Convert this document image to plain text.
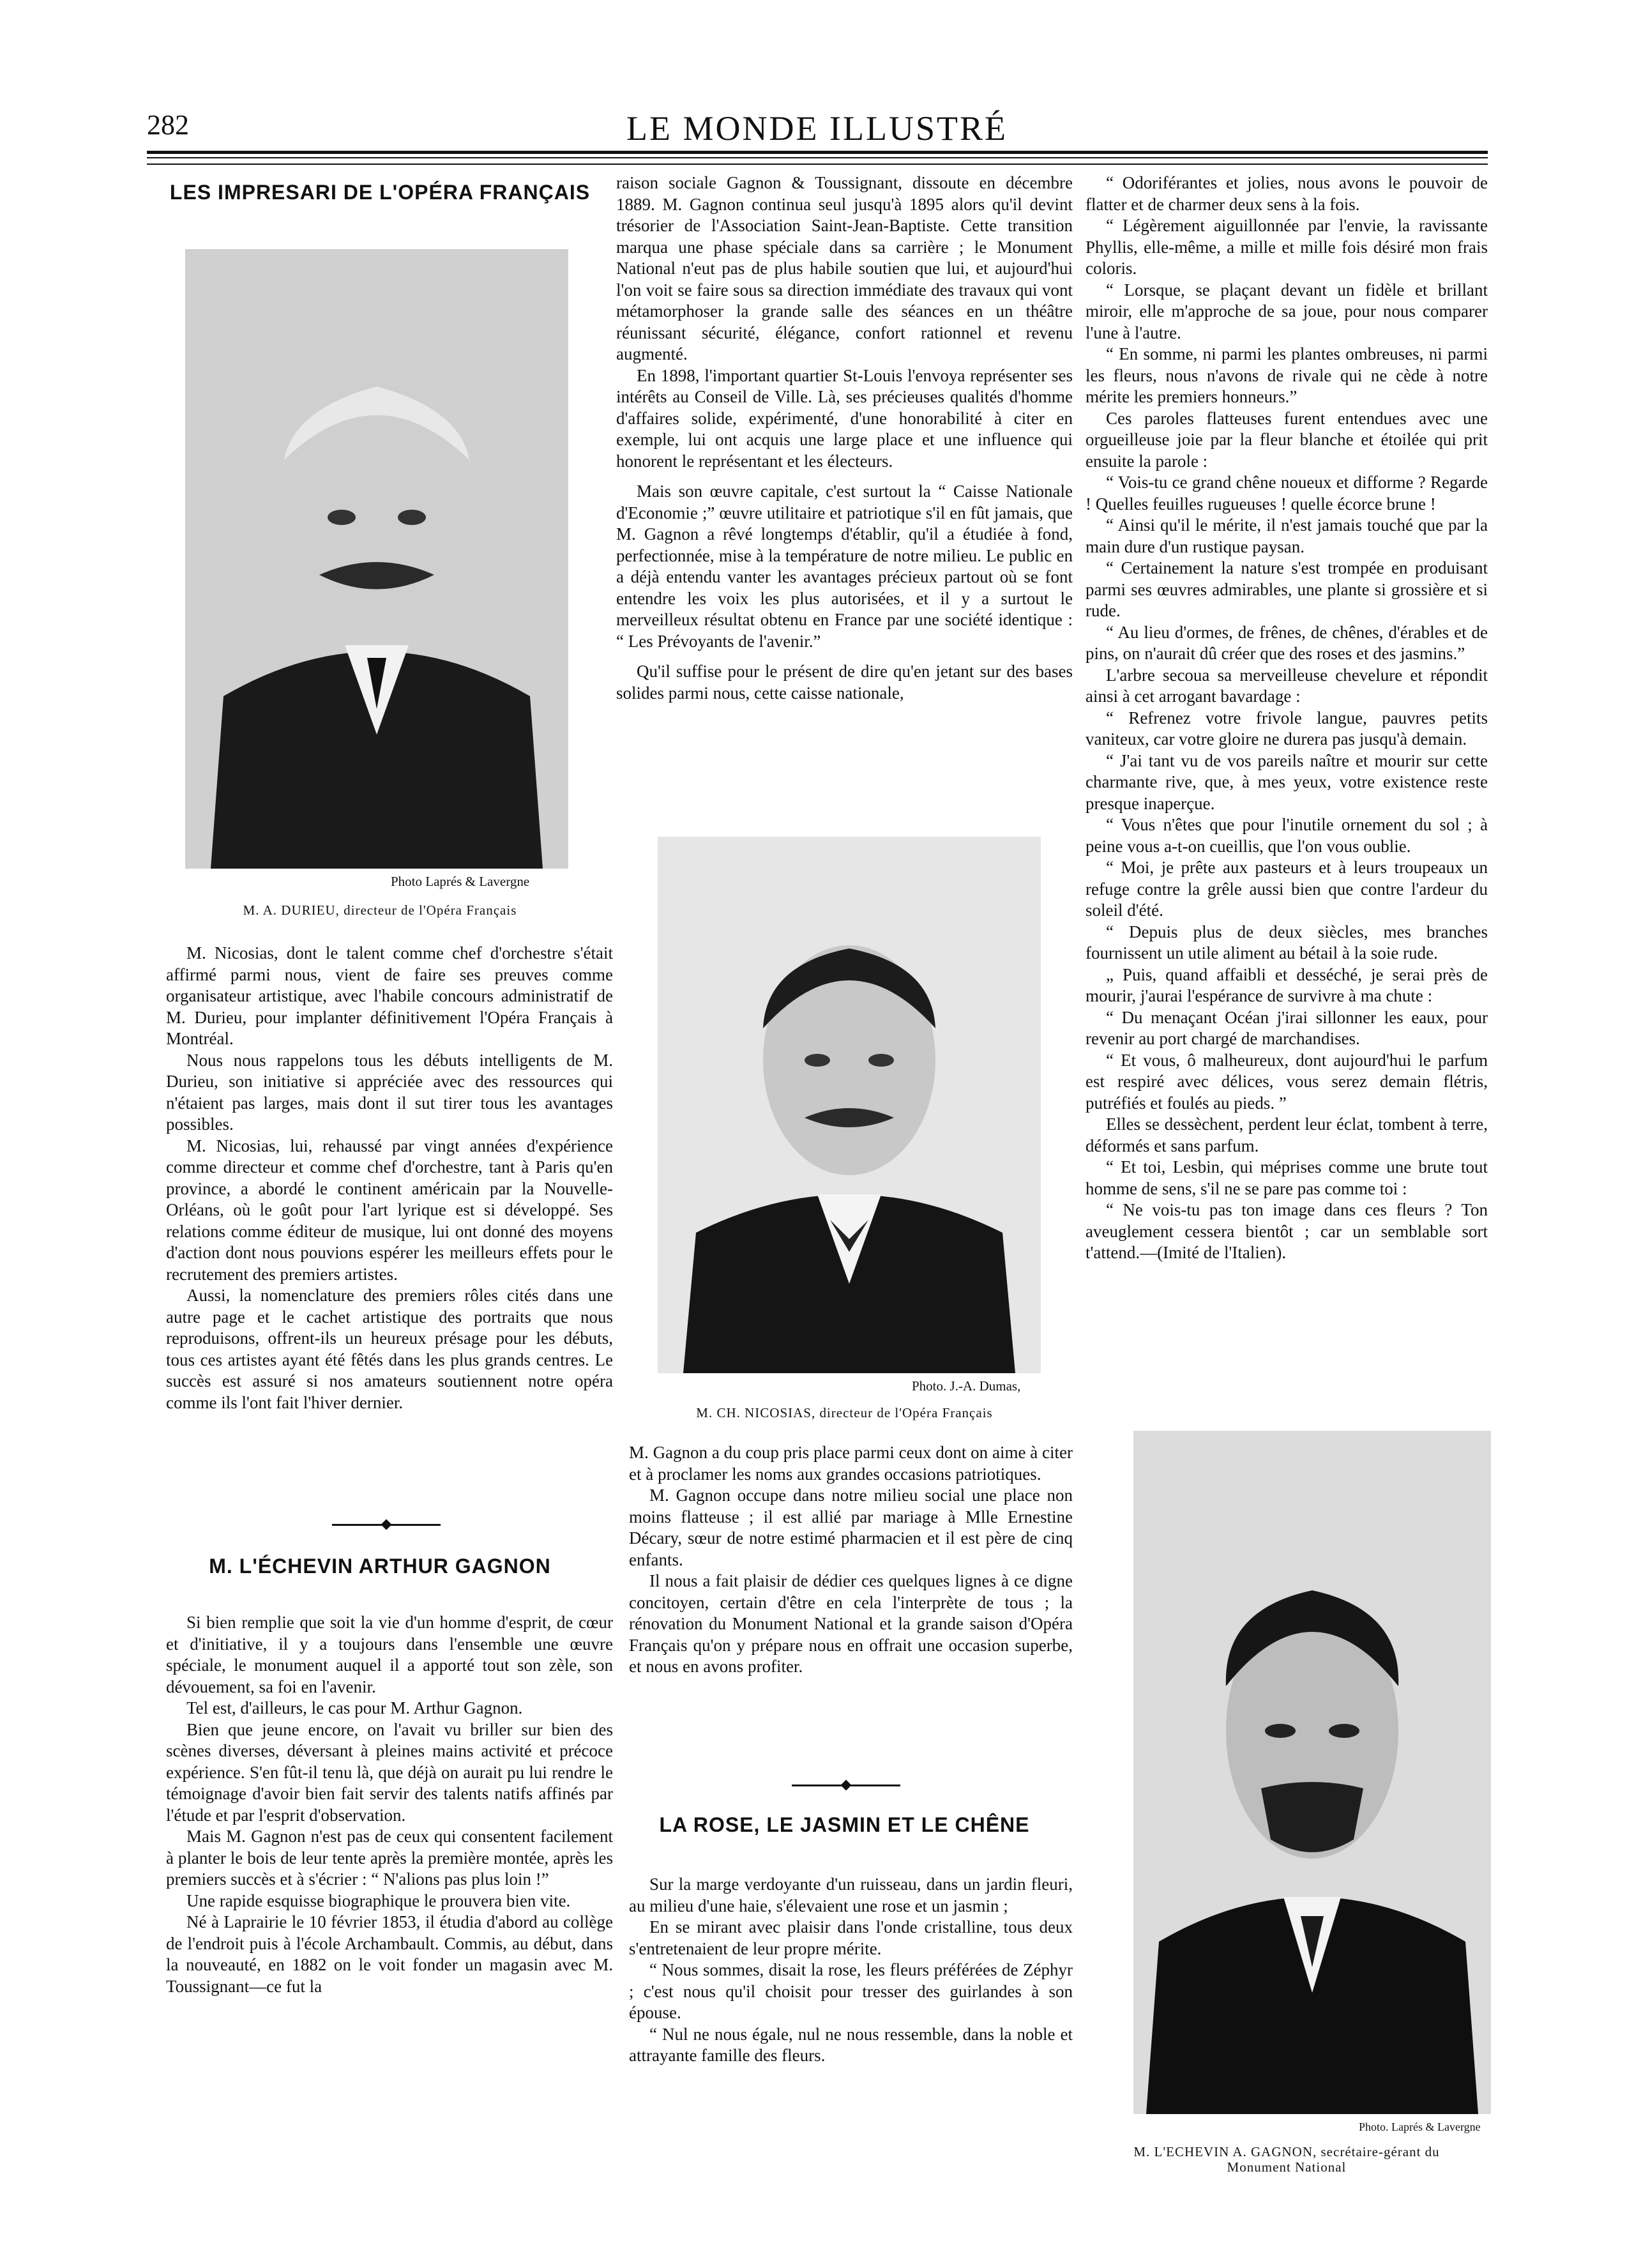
282	LE MONDE ILLUSTRÉ
LES IMPRESARI DE L'OPÉRA FRANÇAIS
Photo Laprés & Lavergne
M. A. DURIEU, directeur de l'Opéra Français

M. Nicosias, dont le talent comme chef d'orchestre s'était affirmé parmi nous, vient de faire ses preuves comme organisateur artistique, avec l'habile concours administratif de M. Durieu, pour implanter définitivement l'Opéra Français à Montréal.

Nous nous rappelons tous les débuts intelligents de M. Durieu, son initiative si appréciée avec des ressources qui n'étaient pas larges, mais dont il sut tirer tous les avantages possibles.

M. Nicosias, lui, rehaussé par vingt années d'expérience comme directeur et comme chef d'orchestre, tant à Paris qu'en province, a abordé le continent américain par la Nouvelle-Orléans, où le goût pour l'art lyrique est si développé. Ses relations comme éditeur de musique, lui ont donné des moyens d'action dont nous pouvions espérer les meilleurs effets pour le recrutement des premiers artistes.

Aussi, la nomenclature des premiers rôles cités dans une autre page et le cachet artistique des portraits que nous reproduisons, offrent-ils un heureux présage pour les débuts, tous ces artistes ayant été fêtés dans les plus grands centres. Le succès est assuré si nos amateurs soutiennent notre opéra comme ils l'ont fait l'hiver dernier.

M. L'ÉCHEVIN ARTHUR GAGNON

Si bien remplie que soit la vie d'un homme d'esprit, de cœur et d'initiative, il y a toujours dans l'ensemble une œuvre spéciale, le monument auquel il a apporté tout son zèle, son dévouement, sa foi en l'avenir.

Tel est, d'ailleurs, le cas pour M. Arthur Gagnon.

Bien que jeune encore, on l'avait vu briller sur bien des scènes diverses, déversant à pleines mains activité et précoce expérience. S'en fût-il tenu là, que déjà on aurait pu lui rendre le témoignage d'avoir bien fait servir des talents natifs affinés par l'étude et par l'esprit d'observation.

Mais M. Gagnon n'est pas de ceux qui consentent facilement à planter le bois de leur tente après la première montée, après les premiers succès et à s'écrier : “ N'alions pas plus loin !”

Une rapide esquisse biographique le prouvera bien vite.

Né à Laprairie le 10 février 1853, il étudia d'abord au collège de l'endroit puis à l'école Archambault. Commis, au début, dans la nouveauté, en 1882 on le voit fonder un magasin avec M. Toussignant—ce fut la

raison sociale Gagnon & Toussignant, dissoute en décembre 1889. M. Gagnon continua seul jusqu'à 1895 alors qu'il devint trésorier de l'Association Saint-Jean-Baptiste. Cette transition marqua une phase spéciale dans sa carrière ; le Monument National n'eut pas de plus habile soutien que lui, et aujourd'hui l'on voit se faire sous sa direction immédiate des travaux qui vont métamorphoser la grande salle des séances en un théâtre réunissant sécurité, élégance, confort rationnel et revenu augmenté.

En 1898, l'important quartier St-Louis l'envoya représenter ses intérêts au Conseil de Ville. Là, ses précieuses qualités d'homme d'affaires solide, expérimenté, d'une honorabilité à citer en exemple, lui ont acquis une large place et une influence qui honorent le représentant et les électeurs.

Mais son œuvre capitale, c'est surtout la “ Caisse Nationale d'Economie ;” œuvre utilitaire et patriotique s'il en fût jamais, que M. Gagnon a rêvé longtemps d'établir, qu'il a étudiée à fond, perfectionnée, mise à la température de notre milieu. Le public en a déjà entendu vanter les avantages précieux partout où se font entendre les voix les plus autorisées, et il y a surtout le merveilleux résultat obtenu en France par une société identique : “ Les Prévoyants de l'avenir.”

Qu'il suffise pour le présent de dire qu'en jetant sur des bases solides parmi nous, cette caisse nationale,

Photo. J.-A. Dumas,
M. CH. NICOSIAS, directeur de l'Opéra Français

M. Gagnon a du coup pris place parmi ceux dont on aime à citer et à proclamer les noms aux grandes occasions patriotiques.

M. Gagnon occupe dans notre milieu social une place non moins flatteuse ; il est allié par mariage à Mlle Ernestine Décary, sœur de notre estimé pharmacien et il est père de cinq enfants.

Il nous a fait plaisir de dédier ces quelques lignes à ce digne concitoyen, certain d'être en cela l'interprète de tous ; la rénovation du Monument National et la grande saison d'Opéra Français qu'on y prépare nous en offrait une occasion superbe, et nous en avons profiter.

LA ROSE, LE JASMIN ET LE CHÊNE

Sur la marge verdoyante d'un ruisseau, dans un jardin fleuri, au milieu d'une haie, s'élevaient une rose et un jasmin ;

En se mirant avec plaisir dans l'onde cristalline, tous deux s'entretenaient de leur propre mérite.

“ Nous sommes, disait la rose, les fleurs préférées de Zéphyr ; c'est nous qu'il choisit pour tresser des guirlandes à son épouse.

“ Nul ne nous égale, nul ne nous ressemble, dans la noble et attrayante famille des fleurs.

“ Odoriférantes et jolies, nous avons le pouvoir de flatter et de charmer deux sens à la fois.

“ Légèrement aiguillonnée par l'envie, la ravissante Phyllis, elle-même, a mille et mille fois désiré mon frais coloris.

“ Lorsque, se plaçant devant un fidèle et brillant miroir, elle m'approche de sa joue, pour nous comparer l'une à l'autre.

“ En somme, ni parmi les plantes ombreuses, ni parmi les fleurs, nous n'avons de rivale qui ne cède à notre mérite les premiers honneurs.”

Ces paroles flatteuses furent entendues avec une orgueilleuse joie par la fleur blanche et étoilée qui prit ensuite la parole :

“ Vois-tu ce grand chêne noueux et difforme ? Regarde ! Quelles feuilles rugueuses ! quelle écorce brune !

“ Ainsi qu'il le mérite, il n'est jamais touché que par la main dure d'un rustique paysan.

“ Certainement la nature s'est trompée en produisant parmi ses œuvres admirables, une plante si grossière et si rude.

“ Au lieu d'ormes, de frênes, de chênes, d'érables et de pins, on n'aurait dû créer que des roses et des jasmins.”

L'arbre secoua sa merveilleuse chevelure et répondit ainsi à cet arrogant bavardage :

“ Refrenez votre frivole langue, pauvres petits vaniteux, car votre gloire ne durera pas jusqu'à demain.

“ J'ai tant vu de vos pareils naître et mourir sur cette charmante rive, que, à mes yeux, votre existence reste presque inaperçue.

“ Vous n'êtes que pour l'inutile ornement du sol ; à peine vous a-t-on cueillis, que l'on vous oublie.

“ Moi, je prête aux pasteurs et à leurs troupeaux un refuge contre la grêle aussi bien que contre l'ardeur du soleil d'été.

“ Depuis plus de deux siècles, mes branches fournissent un utile aliment au bétail à la soie rude.

„ Puis, quand affaibli et desséché, je serai près de mourir, j'aurai l'espérance de survivre à ma chute :

“ Du menaçant Océan j'irai sillonner les eaux, pour revenir au port chargé de marchandises.

“ Et vous, ô malheureux, dont aujourd'hui le parfum est respiré avec délices, vous serez demain flétris, putréfiés et foulés au pieds. ”

Elles se dessèchent, perdent leur éclat, tombent à terre, déformés et sans parfum.

“ Et toi, Lesbin, qui méprises comme une brute tout homme de sens, s'il ne se pare pas comme toi :

“ Ne vois-tu pas ton image dans ces fleurs ? Ton aveuglement cessera bientôt ; car un semblable sort t'attend.—(Imité de l'Italien).

Photo. Laprés & Lavergne
M. L'ECHEVIN A. GAGNON, secrétaire-gérant du
Monument National
